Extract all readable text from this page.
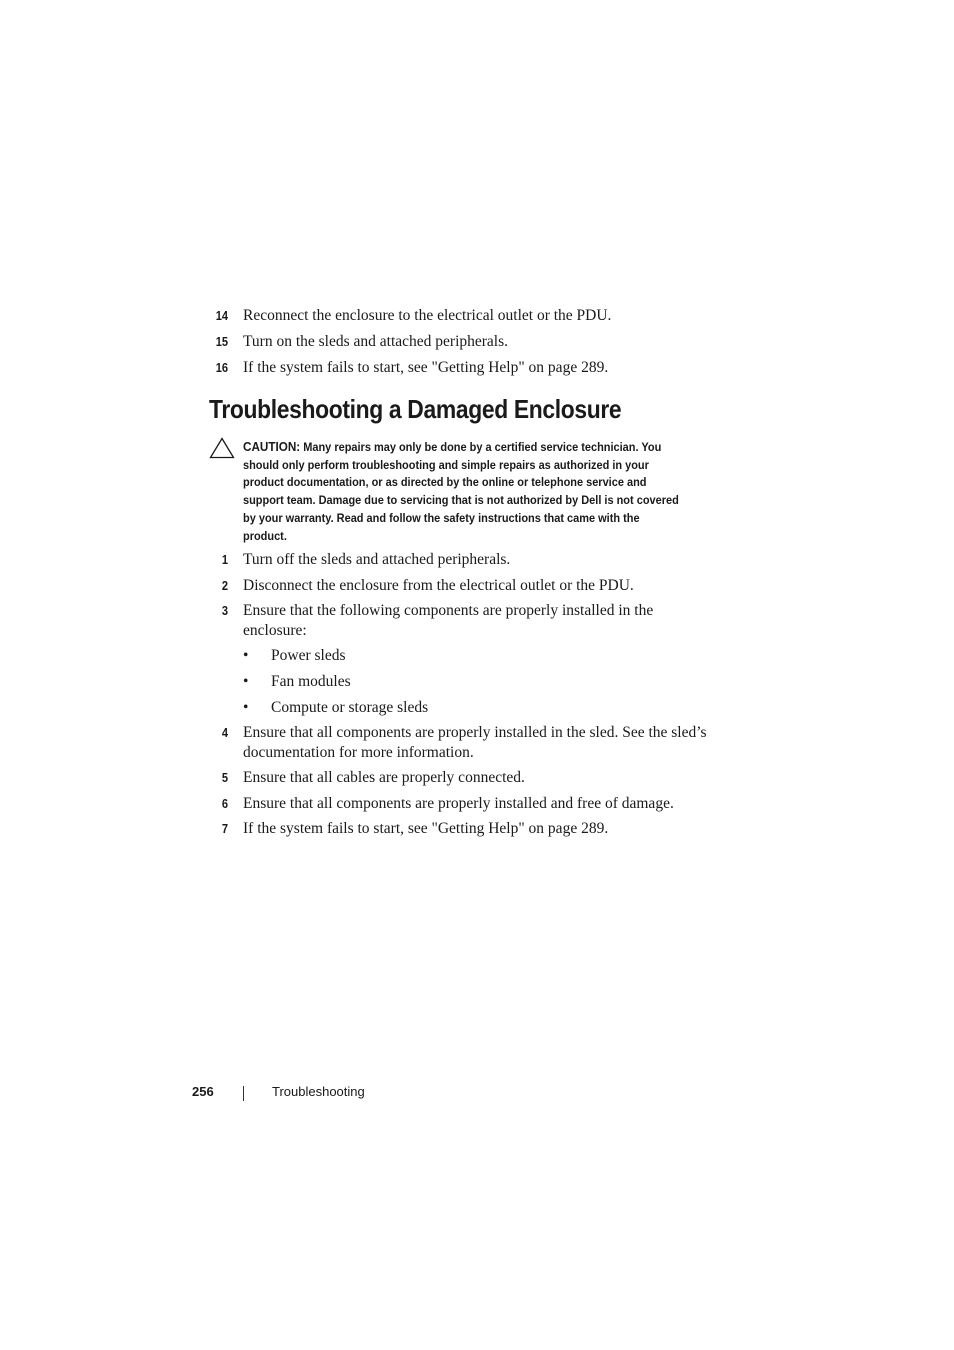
14 Reconnect the enclosure to the electrical outlet or the PDU.
15 Turn on the sleds and attached peripherals.
16 If the system fails to start, see "Getting Help" on page 289.
Troubleshooting a Damaged Enclosure
CAUTION: Many repairs may only be done by a certified service technician. You
should only perform troubleshooting and simple repairs as authorized in your
product documentation, or as directed by the online or telephone service and
support team. Damage due to servicing that is not authorized by Dell is not covered
by your warranty. Read and follow the safety instructions that came with the
product.
1 Turn off the sleds and attached peripherals.
2 Disconnect the enclosure from the electrical outlet or the PDU.
3 Ensure that the following components are properly installed in the
enclosure:
• Power sleds
• Fan modules
• Compute or storage sleds
4 Ensure that all components are properly installed in the sled. See the sled’s
documentation for more information.
5 Ensure that all cables are properly connected.
6 Ensure that all components are properly installed and free of damage.
7 If the system fails to start, see "Getting Help" on page 289.
256	Troubleshooting
